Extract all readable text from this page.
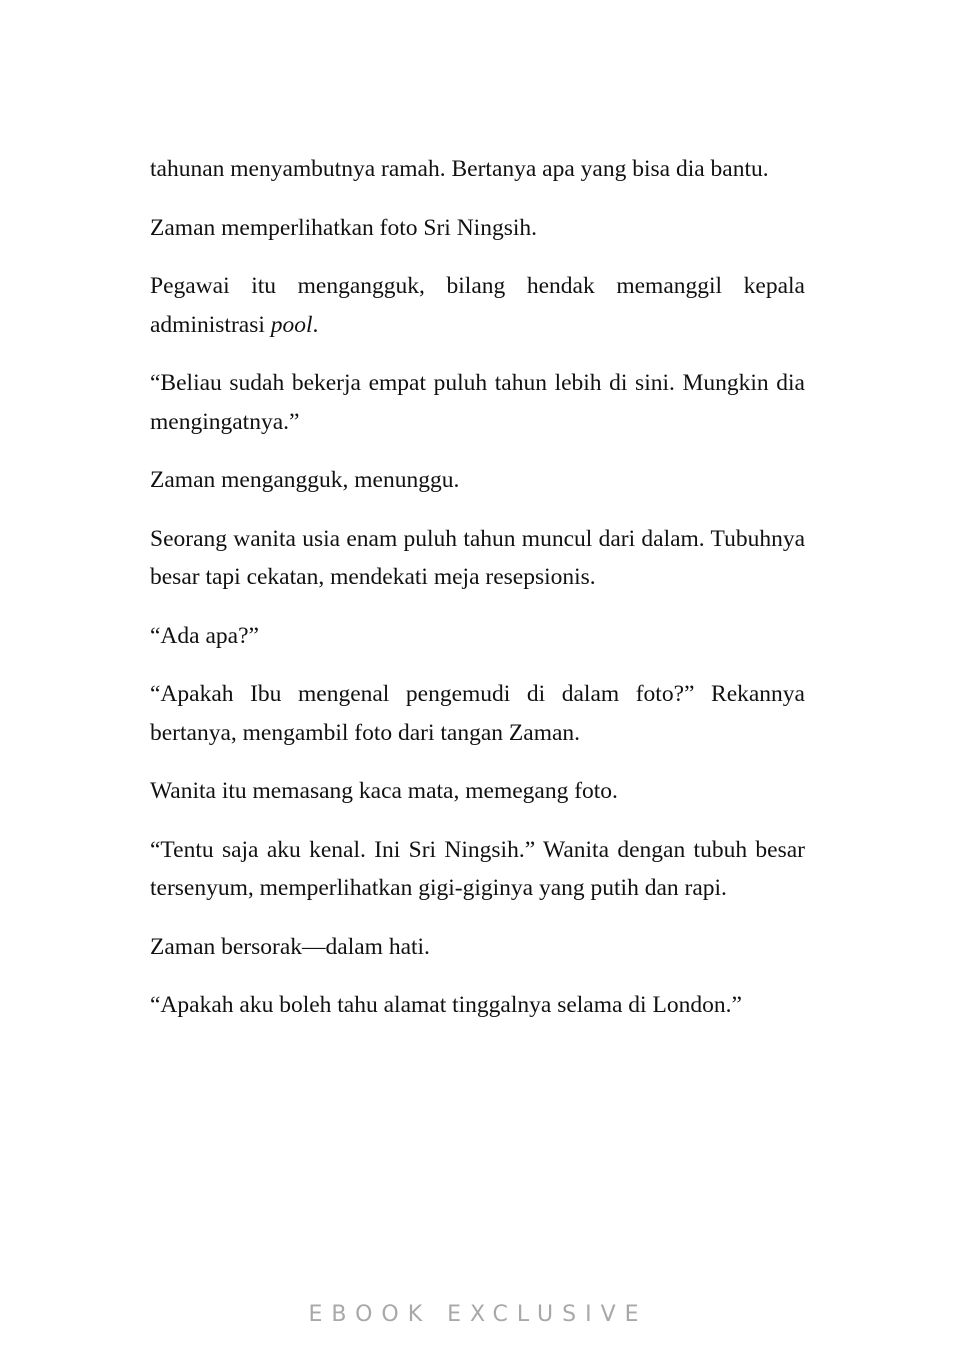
tahunan menyambutnya ramah. Bertanya apa yang bisa dia bantu.

Zaman memperlihatkan foto Sri Ningsih.

Pegawai itu mengangguk, bilang hendak memanggil kepala administrasi pool.

“Beliau sudah bekerja empat puluh tahun lebih di sini. Mungkin dia mengingatnya.”

Zaman mengangguk, menunggu.

Seorang wanita usia enam puluh tahun muncul dari dalam. Tubuhnya besar tapi cekatan, mendekati meja resepsionis.

“Ada apa?”

“Apakah Ibu mengenal pengemudi di dalam foto?” Rekannya bertanya, mengambil foto dari tangan Zaman.

Wanita itu memasang kaca mata, memegang foto.

“Tentu saja aku kenal. Ini Sri Ningsih.” Wanita dengan tubuh besar tersenyum, memperlihatkan gigi-giginya yang putih dan rapi.

Zaman bersorak—dalam hati.

“Apakah aku boleh tahu alamat tinggalnya selama di London.”

EBOOK EXCLUSIVE
